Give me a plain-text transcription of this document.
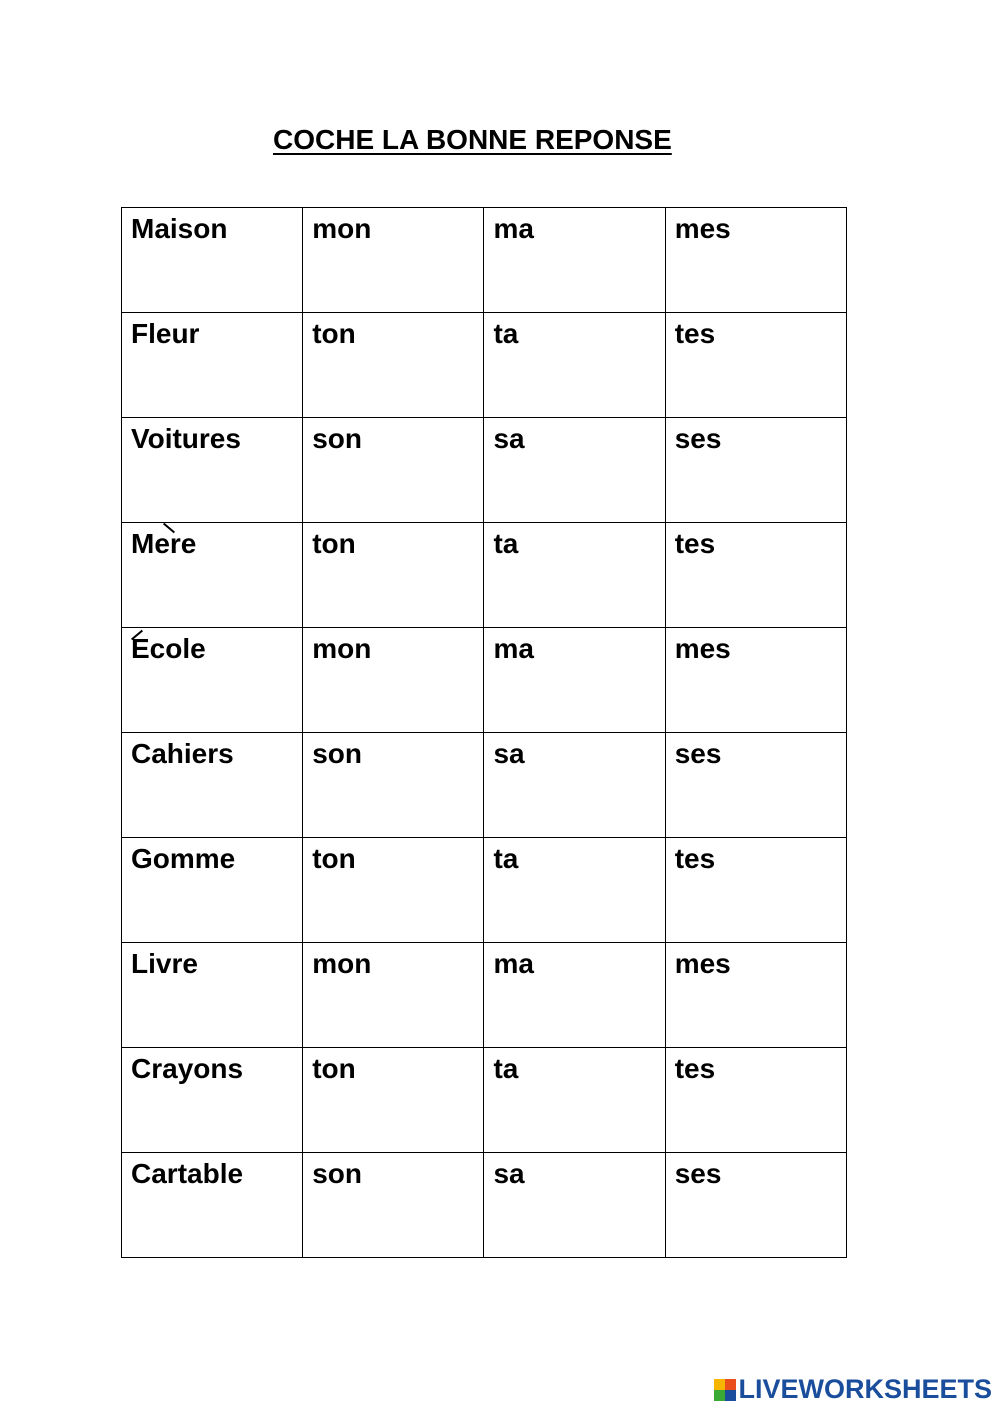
COCHE LA BONNE REPONSE
Maison	mon	ma	mes
Fleur	ton	ta	tes
Voitures	son	sa	ses

Mere	ton	ta	tes

Ecole	mon	ma	mes
Cahiers	son	sa	ses
Gomme	ton	ta	tes
Livre	mon	ma	mes
Crayons	ton	ta	tes
Cartable	son	sa	ses
LIVEWORKSHEETS
